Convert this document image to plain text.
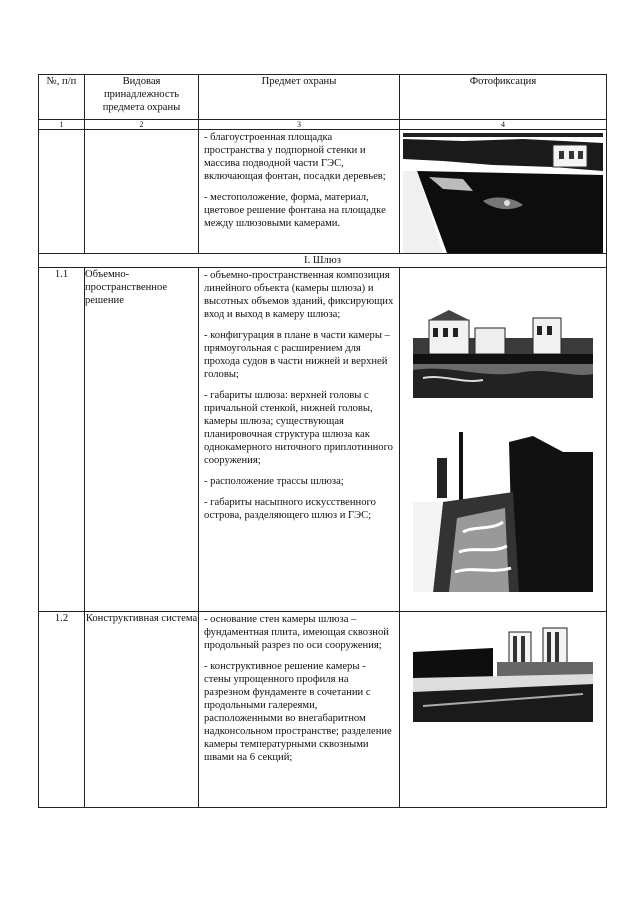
№, п/п	Видовая принадлежность предмета охраны	Предмет охраны	Фотофиксация
1	2	3	4

		- благоустроенная площадка пространства у подпорной стенки и массива подводной части ГЭС, включающая фонтан, посадки деревьев;
- местоположение, форма, материал, цветовое решение фонтана на площадке между шлюзовыми камерами.

I. Шлюз			
1.1	Объемно-пространственное решение	- объемно-пространственная композиция линейного объекта (камеры шлюза) и высотных объемов зданий, фиксирующих вход и выход в камеру шлюза;
- конфигурация в плане в части камеры – прямоугольная с расширением для прохода судов в части нижней и верхней головы;
- габариты шлюза: верхней головы с причальной стенкой, нижней головы, камеры шлюза; существующая планировочная структура шлюза как однокамерного ниточного приплотинного сооружения;
- расположение трассы шлюза;
- габариты насыпного искусственного острова, разделяющего шлюз и ГЭС;

1.2	Конструктивная система	- основание стен камеры шлюза – фундаментная плита, имеющая сквозной продольный разрез по оси сооружения;
- конструктивное решение камеры - стены упрощенного профиля на разрезном фундаменте в сочетании с продольными галереями, расположенными во внегабаритном надконсольном пространстве; разделение камеры температурными сквозными швами на 6 секций;
